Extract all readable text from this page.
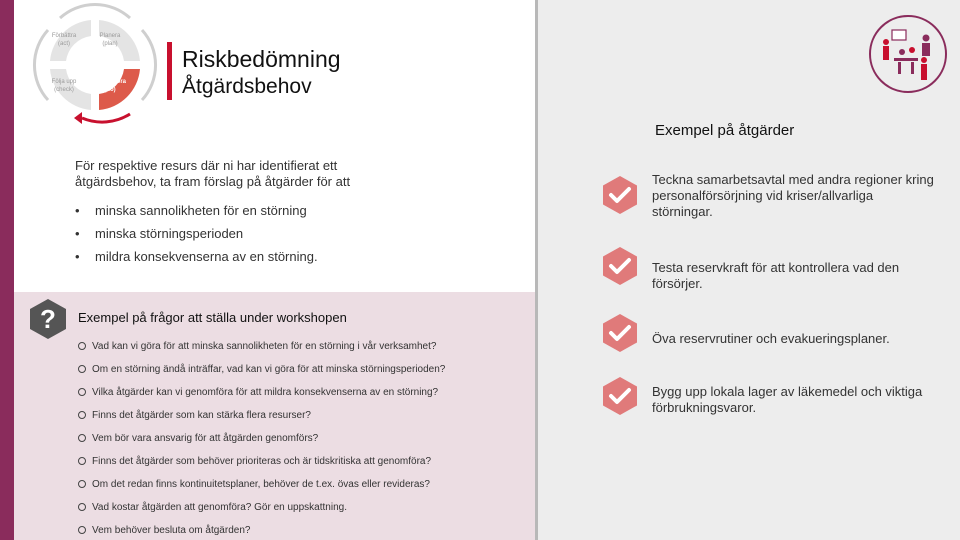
Förbättra
(act)
Planera
(plan)
Följa upp
(check)
Genomföra
(do)
Riskbedömning
Åtgärdsbehov
För respektive resurs där ni har identifierat ett åtgärdsbehov, ta fram förslag på åtgärder för att
•	minska sannolikheten för en störning
•	minska störningsperioden
•	mildra konsekvenserna av en störning.
? Exempel på frågor att ställa under workshopen
Vad kan vi göra för att minska sannolikheten för en störning i vår verksamhet?
Om en störning ändå inträffar, vad kan vi göra för att minska störningsperioden?
Vilka åtgärder kan vi genomföra för att mildra konsekvenserna av en störning?
Finns det åtgärder som kan stärka flera resurser?
Vem bör vara ansvarig för att åtgärden genomförs?
Finns det åtgärder som behöver prioriteras och är tidskritiska att genomföra?
Om det redan finns kontinuitetsplaner, behöver de t.ex. övas eller revideras?
Vad kostar åtgärden att genomföra? Gör en uppskattning.
Vem behöver besluta om åtgärden?
Exempel på åtgärder
Teckna samarbetsavtal med andra regioner kring personalförsörjning vid kriser/allvarliga störningar.
Testa reservkraft för att kontrollera vad den försörjer.
Öva reservrutiner och evakueringsplaner.
Bygg upp lokala lager av läkemedel och viktiga förbrukningsvaror.
